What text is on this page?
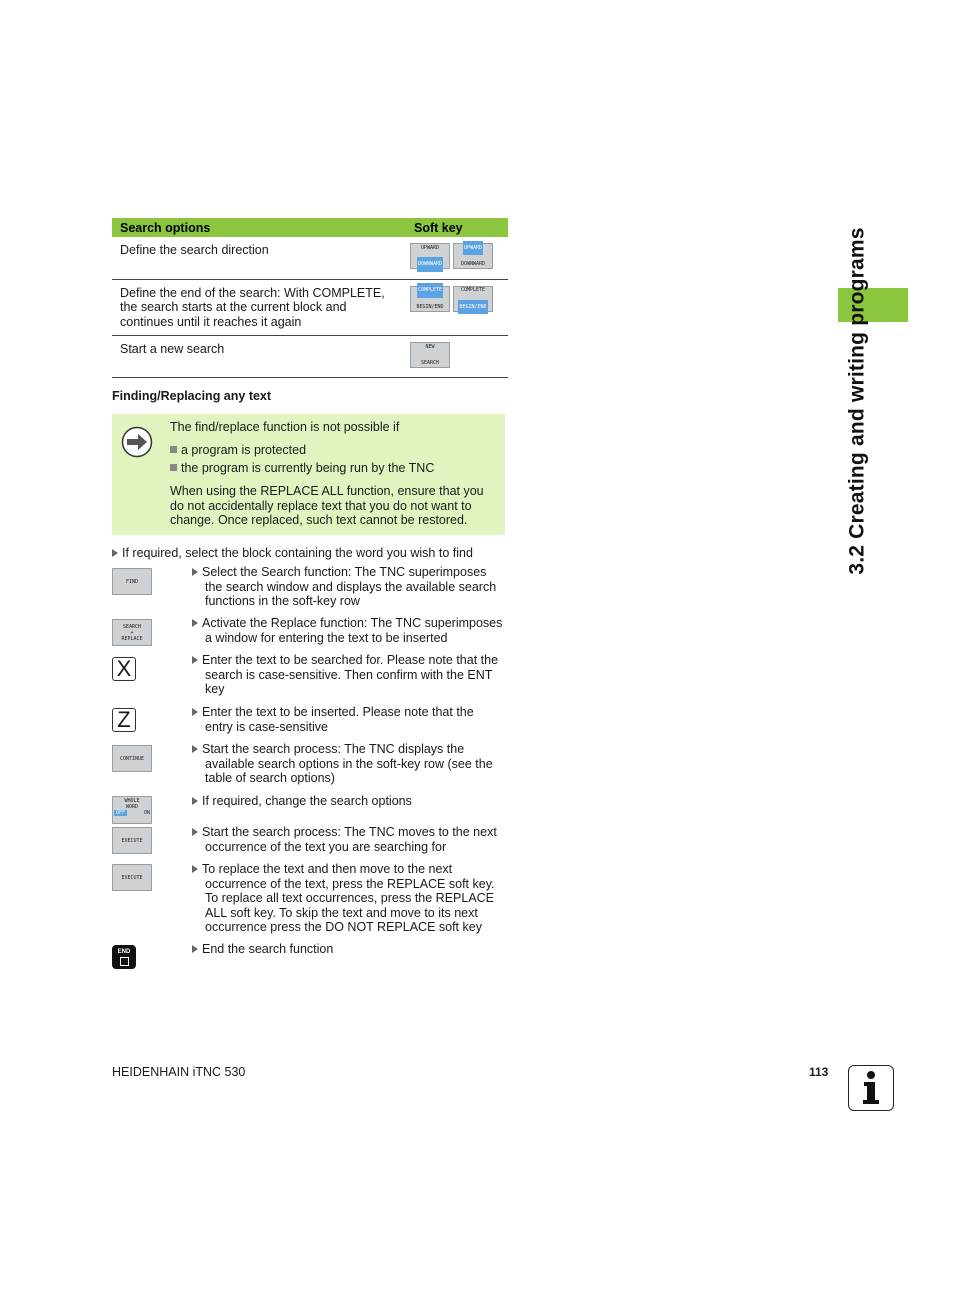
3.2 Creating and writing programs
Search options	Soft key
Define the search direction	UPWARD
DOWNWARD
UPWARD
DOWNWARD

Define the end of the search: With COMPLETE, the search starts at the current block and continues until it reaches it again	COMPLETE
BEGIN/END
COMPLETE
BEGIN/END

Start a new search	NEW
SEARCH
Finding/Replacing any text
The find/replace function is not possible if
a program is protected
the program is currently being run by the TNC
When using the REPLACE ALL function, ensure that you do not accidentally replace text that you do not want to change. Once replaced, such text cannot be restored.
If required, select the block containing the word you wish to find
FIND
Select the Search function: The TNC superimposes
the search window and displays the available search functions in the soft-key row
SEARCH
+
REPLACE
Activate the Replace function: The TNC superimposes
a window for entering the text to be inserted
X	Enter the text to be searched for. Please note that the
search is case-sensitive. Then confirm with the ENT key
Z	Enter the text to be inserted. Please note that the
entry is case-sensitive
CONTINUE
Start the search process: The TNC displays the
available search options in the soft-key row (see the table of search options)
WHOLE
WORD
OFF	ON
If required, change the search options
EXECUTE
Start the search process: The TNC moves to the next
occurrence of the text you are searching for
EXECUTE
To replace the text and then move to the next
occurrence of the text, press the REPLACE soft key. To replace all text occurrences, press the REPLACE ALL soft key. To skip the text and move to its next occurrence press the DO NOT REPLACE soft key
END	End the search function
HEIDENHAIN iTNC 530	113
